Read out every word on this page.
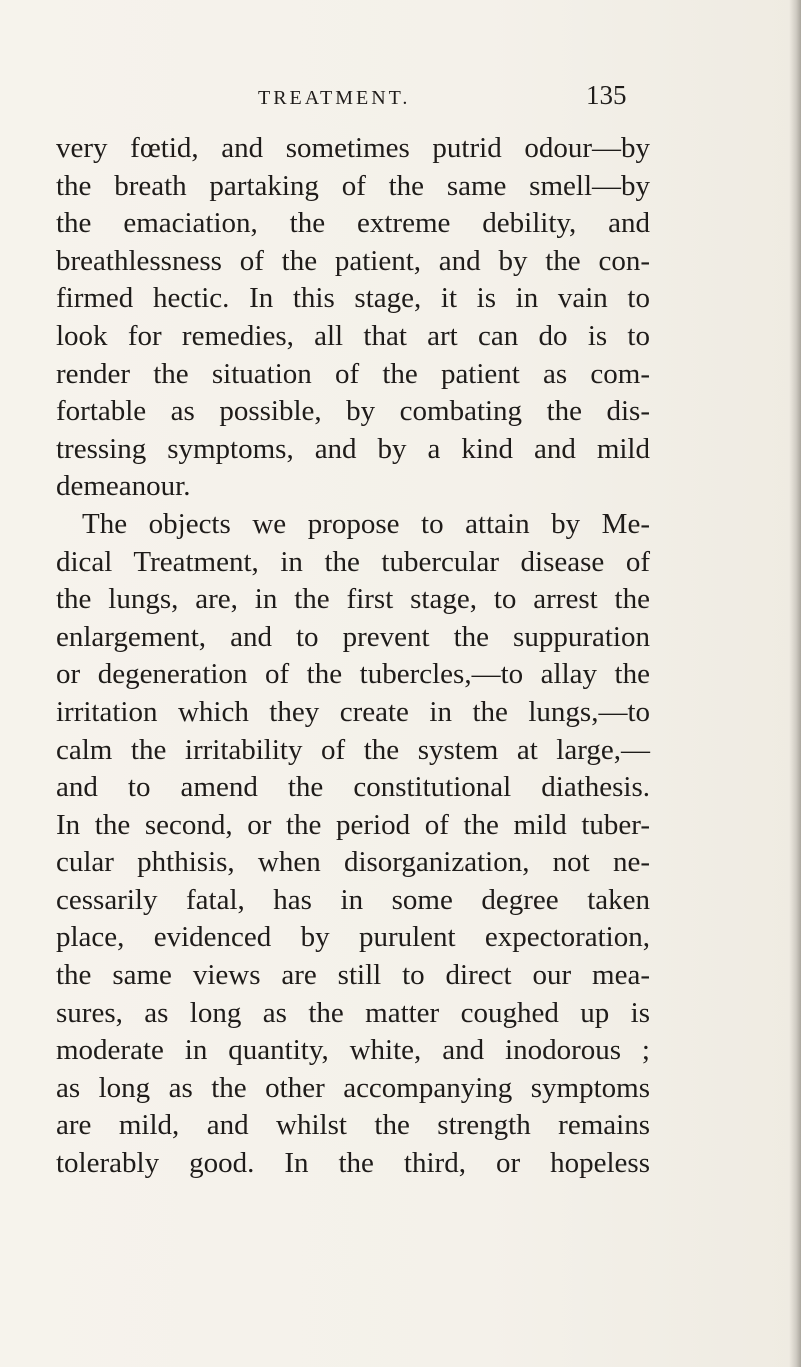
TREATMENT.	135
very fœtid, and sometimes putrid odour—by
the breath partaking of the same smell—by
the emaciation, the extreme debility, and
breathlessness of the patient, and by the con-
firmed hectic. In this stage, it is in vain to
look for remedies, all that art can do is to
render the situation of the patient as com-
fortable as possible, by combating the dis-
tressing symptoms, and by a kind and mild
demeanour.
The objects we propose to attain by Me-
dical Treatment, in the tubercular disease of
the lungs, are, in the first stage, to arrest the
enlargement, and to prevent the suppuration
or degeneration of the tubercles,—to allay the
irritation which they create in the lungs,—to
calm the irritability of the system at large,—
and to amend the constitutional diathesis.
In the second, or the period of the mild tuber-
cular phthisis, when disorganization, not ne-
cessarily fatal, has in some degree taken
place, evidenced by purulent expectoration,
the same views are still to direct our mea-
sures, as long as the matter coughed up is
moderate in quantity, white, and inodorous ;
as long as the other accompanying symptoms
are mild, and whilst the strength remains
tolerably good. In the third, or hopeless
